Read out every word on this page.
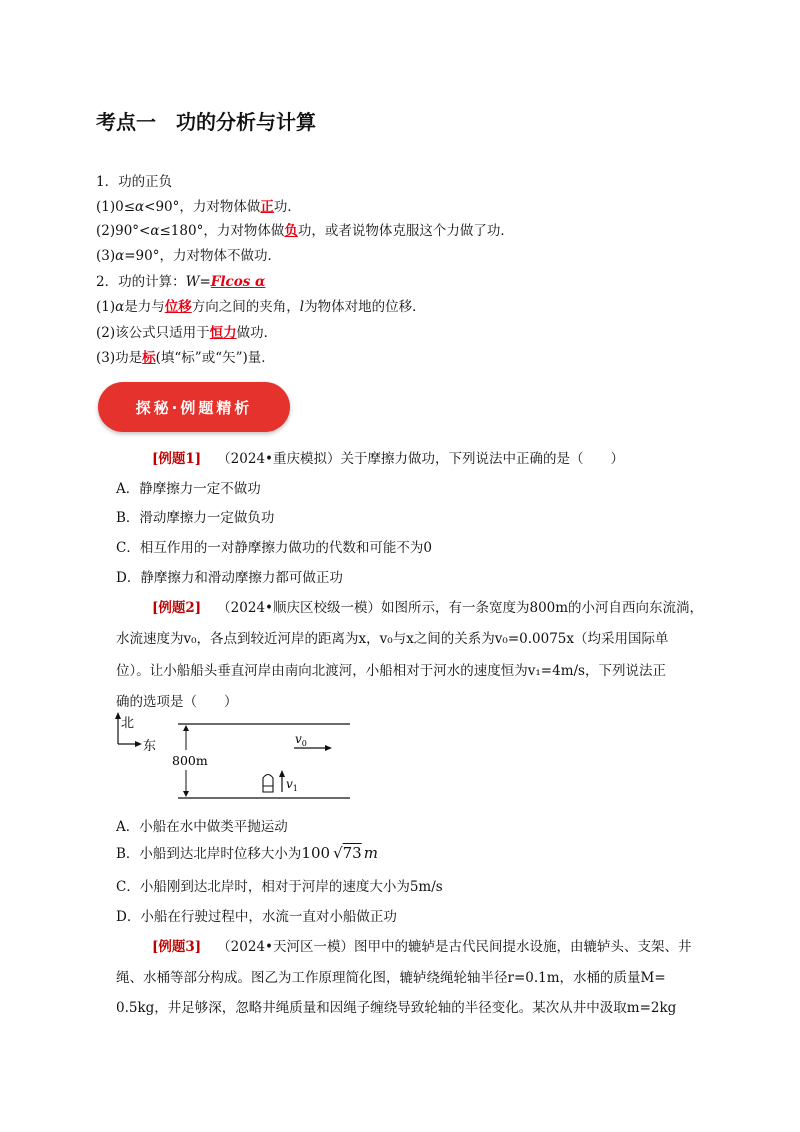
考点一　功的分析与计算
1．功的正负
(1)0≤α<90°，力对物体做正功．
(2)90°<α≤180°，力对物体做负功，或者说物体克服这个力做了功．
(3)α=90°，力对物体不做功．
2．功的计算：W=Flcos α
(1)α是力与位移方向之间的夹角，l为物体对地的位移．
(2)该公式只适用于恒力做功．
(3)功是标(填“标”或“矢”)量．
探秘·例题精析
[例题1] （2024•重庆模拟）关于摩擦力做功，下列说法中正确的是（　　）
A．静摩擦力一定不做功
B．滑动摩擦力一定做负功
C．相互作用的一对静摩擦力做功的代数和可能不为0
D．静摩擦力和滑动摩擦力都可做正功
[例题2] （2024•顺庆区校级一模）如图所示，有一条宽度为800m的小河自西向东流淌，
水流速度为v₀，各点到较近河岸的距离为x，v₀与x之间的关系为v₀=0.0075x（均采用国际单
位）。让小船船头垂直河岸由南向北渡河，小船相对于河水的速度恒为v₁=4m/s，下列说法正
确的选项是（　　）
北
东
800m
$v_0$
$v_1$
A．小船在水中做类平抛运动
B．小船到达北岸时位移大小为100 √73 m
C．小船刚到达北岸时，相对于河岸的速度大小为5m/s
D．小船在行驶过程中，水流一直对小船做正功
[例题3] （2024•天河区一模）图甲中的辘轳是古代民间提水设施，由辘轳头、支架、井
绳、水桶等部分构成。图乙为工作原理简化图，辘轳绕绳轮轴半径r=0.1m，水桶的质量M=
0.5kg，井足够深，忽略井绳质量和因绳子缠绕导致轮轴的半径变化。某次从井中汲取m=2kg
